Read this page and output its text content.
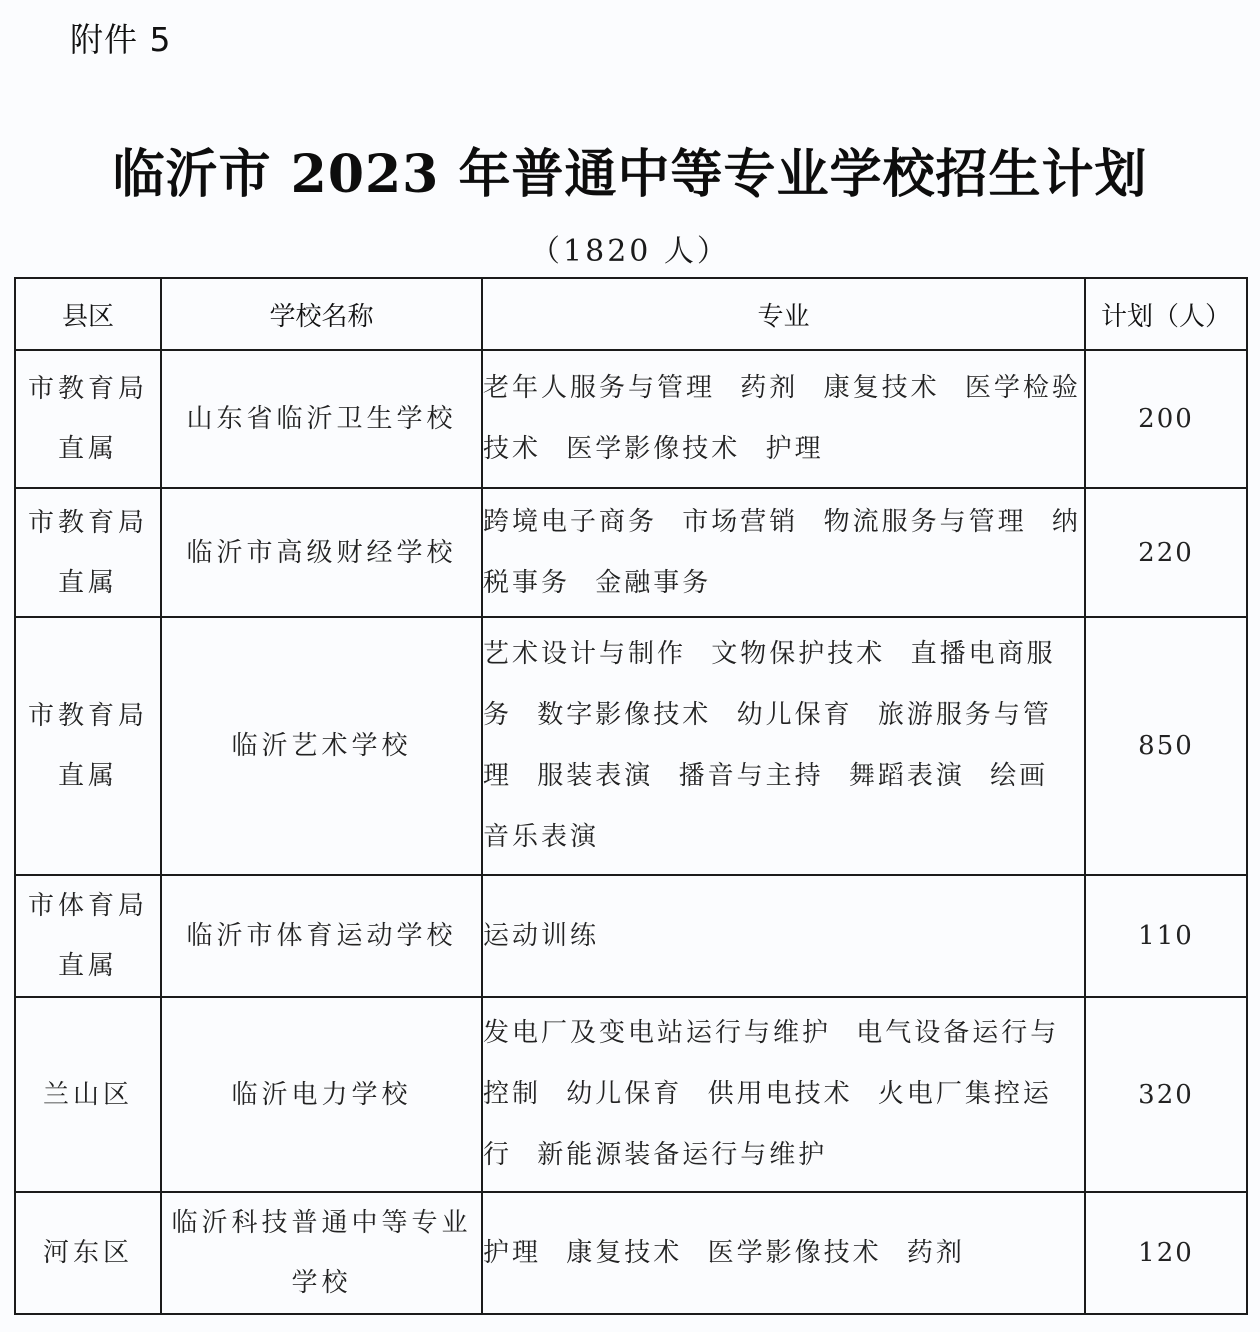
附件 5
临沂市 2023 年普通中等专业学校招生计划
（1820 人）
县区	学校名称	专业	计划（人）
市教育局直属	山东省临沂卫生学校	老年人服务与管理 药剂 康复技术 医学检验技术 医学影像技术 护理	200
市教育局直属	临沂市高级财经学校	跨境电子商务 市场营销 物流服务与管理 纳税事务 金融事务	220
市教育局直属	临沂艺术学校	艺术设计与制作 文物保护技术 直播电商服务 数字影像技术 幼儿保育 旅游服务与管理 服装表演 播音与主持 舞蹈表演 绘画 音乐表演	850
市体育局直属	临沂市体育运动学校	运动训练	110
兰山区	临沂电力学校	发电厂及变电站运行与维护 电气设备运行与控制 幼儿保育 供用电技术 火电厂集控运行 新能源装备运行与维护	320
河东区	临沂科技普通中等专业学校	护理 康复技术 医学影像技术 药剂	120
